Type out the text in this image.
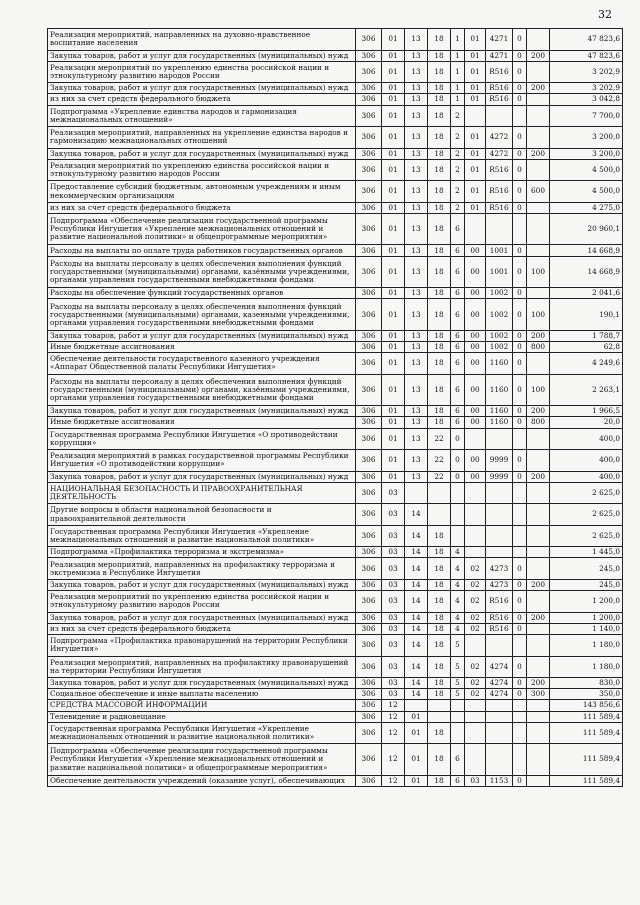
32
Реализация мероприятий, направленных на духовно-нравственное воспитание населения	306	01	13	18	1	01	4271	0		47 823,6
Закупка товаров, работ и услуг для государственных (муниципальных) нужд	306	01	13	18	1	01	4271	0	200	47 823,6
Реализация мероприятий по укреплению единства российской нации и этнокультурному развитию народов России	306	01	13	18	1	01	R516	0		3 202,9
Закупка товаров, работ и услуг для государственных (муниципальных) нужд	306	01	13	18	1	01	R516	0	200	3 202,9
из них за счет средств федерального бюджета	306	01	13	18	1	01	R516	0		3 042,8
Подпрограмма «Укрепление единства народов и гармонизация межнациональных отношений»	306	01	13	18	2					7 700,0
Реализация мероприятий, направленных на укрепление единства народов и гармонизацию межнациональных отношений	306	01	13	18	2	01	4272	0		3 200,0
Закупка товаров, работ и услуг для государственных (муниципальных) нужд	306	01	13	18	2	01	4272	0	200	3 200,0
Реализация мероприятий по укреплению единства российской нации и этнокультурному развитию народов России	306	01	13	18	2	01	R516	0		4 500,0
Предоставление субсидий бюджетным, автономным учреждениям и иным некоммерческим организациям	306	01	13	18	2	01	R516	0	600	4 500,0
из них за счет средств федерального бюджета	306	01	13	18	2	01	R516	0		4 275,0
Подпрограмма «Обеспечение реализации государственной программы Республики Ингушетия «Укрепление межнациональных отношений и развитие национальной политики» и общепрограммные мероприятия»	306	01	13	18	6					20 960,1
Расходы на выплаты по оплате труда работников государственных органов	306	01	13	18	6	00	1001	0		14 668,9
Расходы на выплаты персоналу в целях обеспечения выполнения функций государственными (муниципальными) органами, казёнными учреждениями, органами управления государственными внебюджетными фондами	306	01	13	18	6	00	1001	0	100	14 668,9
Расходы на обеспечение функций государственных органов	306	01	13	18	6	00	1002	0		2 041,6
Расходы на выплаты персоналу в целях обеспечения выполнения функций государственными (муниципальными) органами, казенными учреждениями, органами управления государственными внебюджетными фондами	306	01	13	18	6	00	1002	0	100	190,1
Закупка товаров, работ и услуг для государственных (муниципальных) нужд	306	01	13	18	6	00	1002	0	200	1 788,7
Иные бюджетные ассигнования	306	01	13	18	6	00	1002	0	800	62,8
Обеспечение деятельности государственного казенного учреждения «Аппарат Общественной палаты Республики Ингушетия»	306	01	13	18	6	00	1160	0		4 249,6
Расходы на выплаты персоналу в целях обеспечения выполнения функций государственными (муниципальными) органами, казёнными учреждениями, органами управления государственными внебюджетными фондами	306	01	13	18	6	00	1160	0	100	2 263,1
Закупка товаров, работ и услуг для государственных (муниципальных) нужд	306	01	13	18	6	00	1160	0	200	1 966,5
Иные бюджетные ассигнования	306	01	13	18	6	00	1160	0	800	20,0
Государственная программа Республики Ингушетия «О противодействии коррупции»	306	01	13	22	0					400,0
Реализация мероприятий в рамках государственной программы Республики Ингушетия «О противодействии коррупции»	306	01	13	22	0	00	9999	0		400,0
Закупка товаров, работ и услуг для государственных (муниципальных) нужд	306	01	13	22	0	00	9999	0	200	400,0
НАЦИОНАЛЬНАЯ БЕЗОПАСНОСТЬ И ПРАВООХРАНИТЕЛЬНАЯ ДЕЯТЕЛЬНОСТЬ	306	03								2 625,0
Другие вопросы в области национальной безопасности и правоохранительной деятельности	306	03	14							2 625,0
Государственная программа Республики Ингушетия «Укрепление межнациональных отношений и развитие национальной политики»	306	03	14	18						2 625,0
Подпрограмма «Профилактика терроризма и экстремизма»	306	03	14	18	4					1 445,0
Реализация мероприятий, направленных на профилактику терроризма и экстремизма в Республике Ингушетия	306	03	14	18	4	02	4273	0		245,0
Закупка товаров, работ и услуг для государственных (муниципальных) нужд	306	03	14	18	4	02	4273	0	200	245,0
Реализация мероприятий по укреплению единства российской нации и этнокультурному развитию народов России	306	03	14	18	4	02	R516	0		1 200,0
Закупка товаров, работ и услуг для государственных (муниципальных) нужд	306	03	14	18	4	02	R516	0	200	1 200,0
из них за счет средств федерального бюджета	306	03	14	18	4	02	R516	0		1 140,0
Подпрограмма «Профилактика правонарушений на территории Республики Ингушетия»	306	03	14	18	5					1 180,0
Реализация мероприятий, направленных на профилактику правонарушений на территории Республики Ингушетия	306	03	14	18	5	02	4274	0		1 180,0
Закупка товаров, работ и услуг для государственных (муниципальных) нужд	306	03	14	18	5	02	4274	0	200	830,0
Социальное обеспечение и иные выплаты населению	306	03	14	18	5	02	4274	0	300	350,0
СРЕДСТВА МАССОВОЙ ИНФОРМАЦИИ	306	12								143 856,6
Телевидение и радиовещание	306	12	01							111 589,4
Государственная программа Республики Ингушетия «Укрепление межнациональных отношений и развитие национальной политики»	306	12	01	18						111 589,4
Подпрограмма «Обеспечение реализации государственной программы Республики Ингушетия «Укрепление межнациональных отношений и развитие национальной политики» и общепрограммные мероприятия»	306	12	01	18	6					111 589,4
Обеспечение деятельности учреждений (оказание услуг), обеспечивающих	306	12	01	18	6	03	1153	0		111 589,4
